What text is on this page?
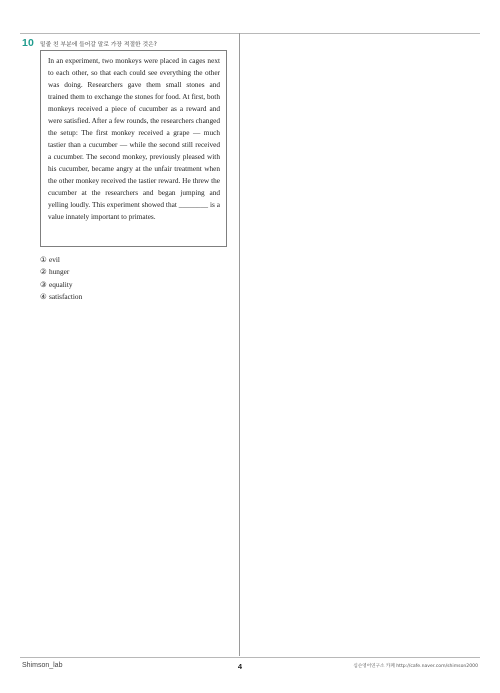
10 밑줄 친 부분에 들어갈 말로 가장 적절한 것은?

In an experiment, two monkeys were placed in cages next to each other, so that each could see everything the other was doing. Researchers gave them small stones and trained them to exchange the stones for food. At first, both monkeys received a piece of cucumber as a reward and were satisfied. After a few rounds, the researchers changed the setup: The first monkey received a grape — much tastier than a cucumber — while the second still received a cucumber. The second monkey, previously pleased with his cucumber, became angry at the unfair treatment when the other monkey received the tastier reward. He threw the cucumber at the researchers and began jumping and yelling loudly. This experiment showed that ________ is a value innately important to primates.

① evil
② hunger
③ equality
④ satisfaction
Shimson_lab	4	심슨영어연구소 카페 http://cafe.naver.com/shimson2000
